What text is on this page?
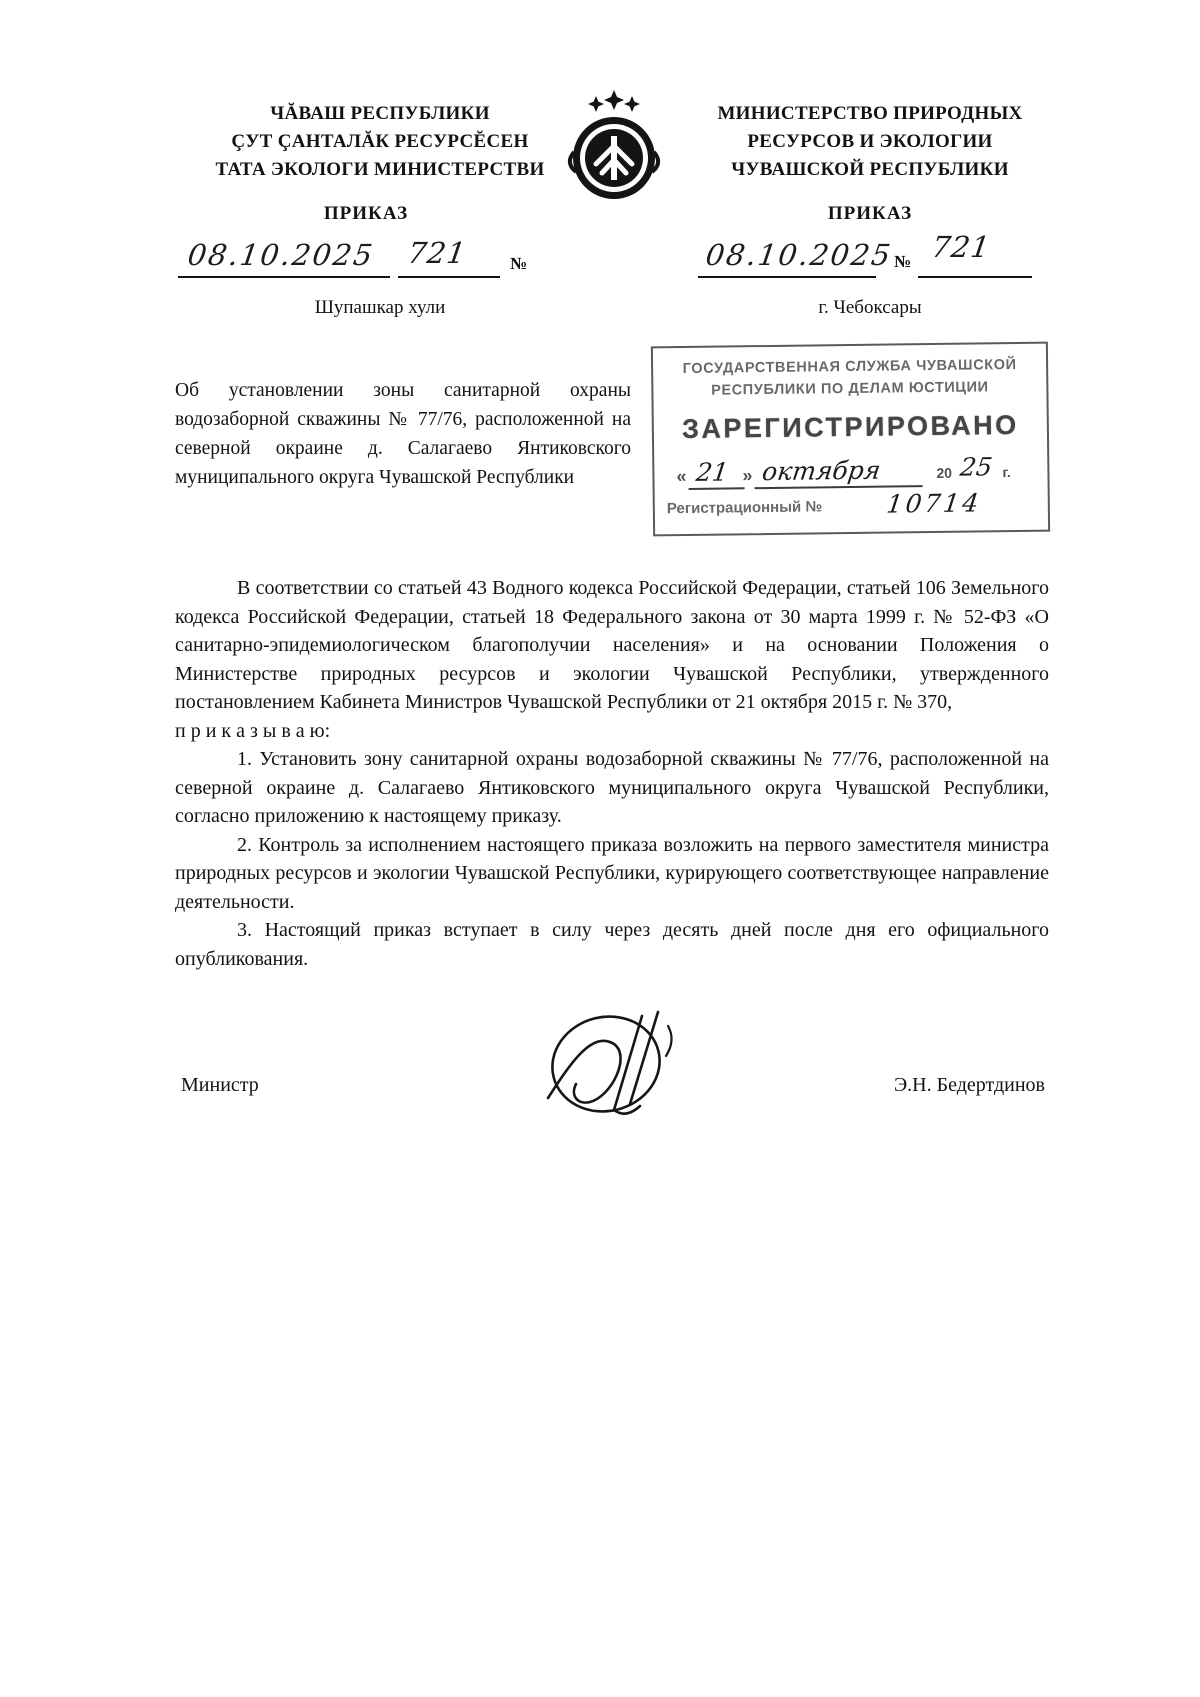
ЧĂВАШ РЕСПУБЛИКИ
ÇУТ ÇАНТАЛĂК РЕСУРСĔСЕН
ТАТА ЭКОЛОГИ МИНИСТЕРСТВИ
МИНИСТЕРСТВО ПРИРОДНЫХ
РЕСУРСОВ И ЭКОЛОГИИ
ЧУВАШСКОЙ РЕСПУБЛИКИ
ПРИКАЗ	ПРИКАЗ
08.10.2025 721 №	08.10.2025 № 721
Шупашкар хули	г. Чебоксары
ГОСУДАРСТВЕННАЯ СЛУЖБА ЧУВАШСКОЙ
РЕСПУБЛИКИ ПО ДЕЛАМ ЮСТИЦИИ
ЗАРЕГИСТРИРОВАНО
« 21 » октября	20 25 г.
Регистрационный №	10714
Об установлении зоны санитарной охраны водозаборной скважины № 77/76, расположенной на северной окраине д. Салагаево Янтиковского муниципального округа Чувашской Республики

В соответствии со статьей 43 Водного кодекса Российской Федерации, статьей 106 Земельного кодекса Российской Федерации, статьей 18 Федерального закона от 30 марта 1999 г. № 52-ФЗ «О санитарно-эпидемиологическом благополучии населения» и на основании Положения о Министерстве природных ресурсов и экологии Чувашской Республики, утвержденного постановлением Кабинета Министров Чувашской Республики от 21 октября 2015 г. № 370,

п р и к а з ы в а ю:

1. Установить зону санитарной охраны водозаборной скважины № 77/76, расположенной на северной окраине д. Салагаево Янтиковского муниципального округа Чувашской Республики, согласно приложению к настоящему приказу.

2. Контроль за исполнением настоящего приказа возложить на первого заместителя министра природных ресурсов и экологии Чувашской Республики, курирующего соответствующее направление деятельности.

3. Настоящий приказ вступает в силу через десять дней после дня его официального опубликования.

Министр	Э.Н. Бедертдинов
